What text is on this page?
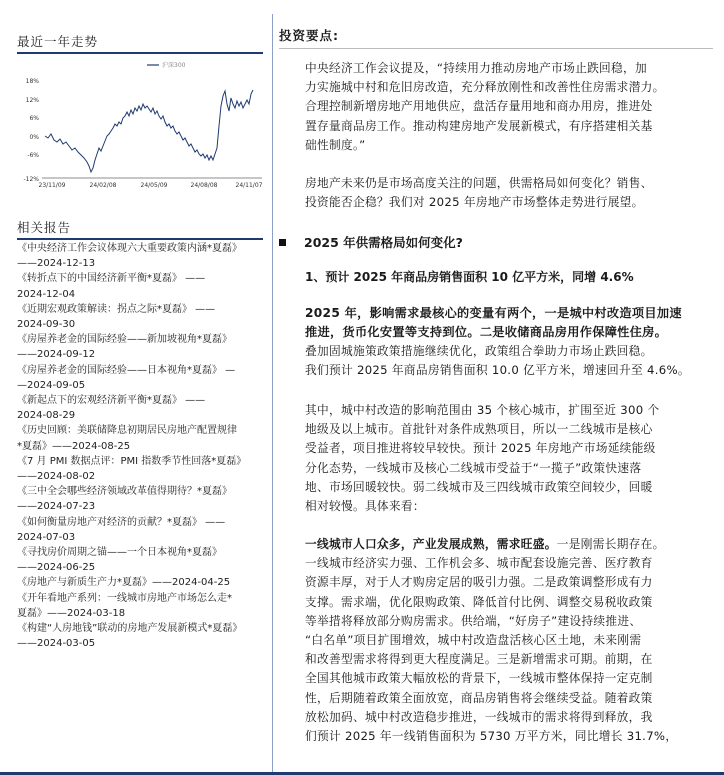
最近一年走势
18%
12%
6%
0%
-6%
-12%
23/11/09	24/02/08	24/05/09	24/08/08	24/11/07
沪深300
相关报告
《中央经济工作会议体现六大重要政策内涵*夏磊》
——2024-12-13
《转折点下的中国经济新平衡*夏磊》 ——
2024-12-04
《近期宏观政策解读：拐点之际*夏磊》 ——
2024-09-30
《房屋养老金的国际经验——新加坡视角*夏磊》
——2024-09-12
《房屋养老金的国际经验——日本视角*夏磊》 —
—2024-09-05
《新起点下的宏观经济新平衡*夏磊》 ——
2024-08-29
《历史回顾：美联储降息初期居民房地产配置规律
*夏磊》——2024-08-25
《7 月 PMI 数据点评：PMI 指数季节性回落*夏磊》
——2024-08-02
《三中全会哪些经济领域改革值得期待？*夏磊》
——2024-07-23
《如何衡量房地产对经济的贡献？*夏磊》 ——
2024-07-03
《寻找房价周期之锚——一个日本视角*夏磊》
——2024-06-25
《房地产与新质生产力*夏磊》——2024-04-25
《开年看地产系列：一线城市房地产市场怎么走*
夏磊》——2024-03-18
《构建“人房地钱”联动的房地产发展新模式*夏磊》
——2024-03-05
投资要点:
中央经济工作会议提及，“持续用力推动房地产市场止跌回稳，加
力实施城中村和危旧房改造，充分释放刚性和改善性住房需求潜力。
合理控制新增房地产用地供应，盘活存量用地和商办用房，推进处
置存量商品房工作。推动构建房地产发展新模式，有序搭建相关基
础性制度。”
房地产未来仍是市场高度关注的问题，供需格局如何变化？销售、
投资能否企稳？我们对 2025 年房地产市场整体走势进行展望。
1、预计 2025 年商品房销售面积 10 亿平方米，同增 4.6%
2025 年，影响需求最核心的变量有两个，一是城中村改造项目加速
推进，货币化安置等支持到位。二是收储商品房用作保障性住房。
叠加固城施策政策措施继续优化，政策组合拳助力市场止跌回稳。
我们预计 2025 年商品房销售面积 10.0 亿平方米，增速回升至 4.6%。
其中，城中村改造的影响范围由 35 个核心城市，扩围至近 300 个
地级及以上城市。首批针对条件成熟项目，所以一二线城市是核心
受益者，项目推进将较早较快。预计 2025 年房地产市场延续能级
分化态势，一线城市及核心二线城市受益于“一揽子”政策快速落
地、市场回暖较快。弱二线城市及三四线城市政策空间较少，回暖
相对较慢。具体来看：
一线城市人口众多，产业发展成熟，需求旺盛。一是刚需长期存在。
一线城市经济实力强、工作机会多、城市配套设施完善、医疗教育
资源丰厚，对于人才购房定居的吸引力强。二是政策调整形成有力
支撑。需求端，优化限购政策、降低首付比例、调整交易税收政策
等举措将释放部分购房需求。供给端，“好房子”建设持续推进、
“白名单”项目扩围增效，城中村改造盘活核心区土地，未来刚需
和改善型需求将得到更大程度满足。三是新增需求可期。前期，在
全国其他城市政策大幅放松的背景下，一线城市整体保持一定克制
性，后期随着政策全面放宽，商品房销售将会继续受益。随着政策
放松加码、城中村改造稳步推进，一线城市的需求将得到释放，我
们预计 2025 年一线销售面积为 5730 万平方米，同比增长 31.7%，
2025 年供需格局如何变化?
